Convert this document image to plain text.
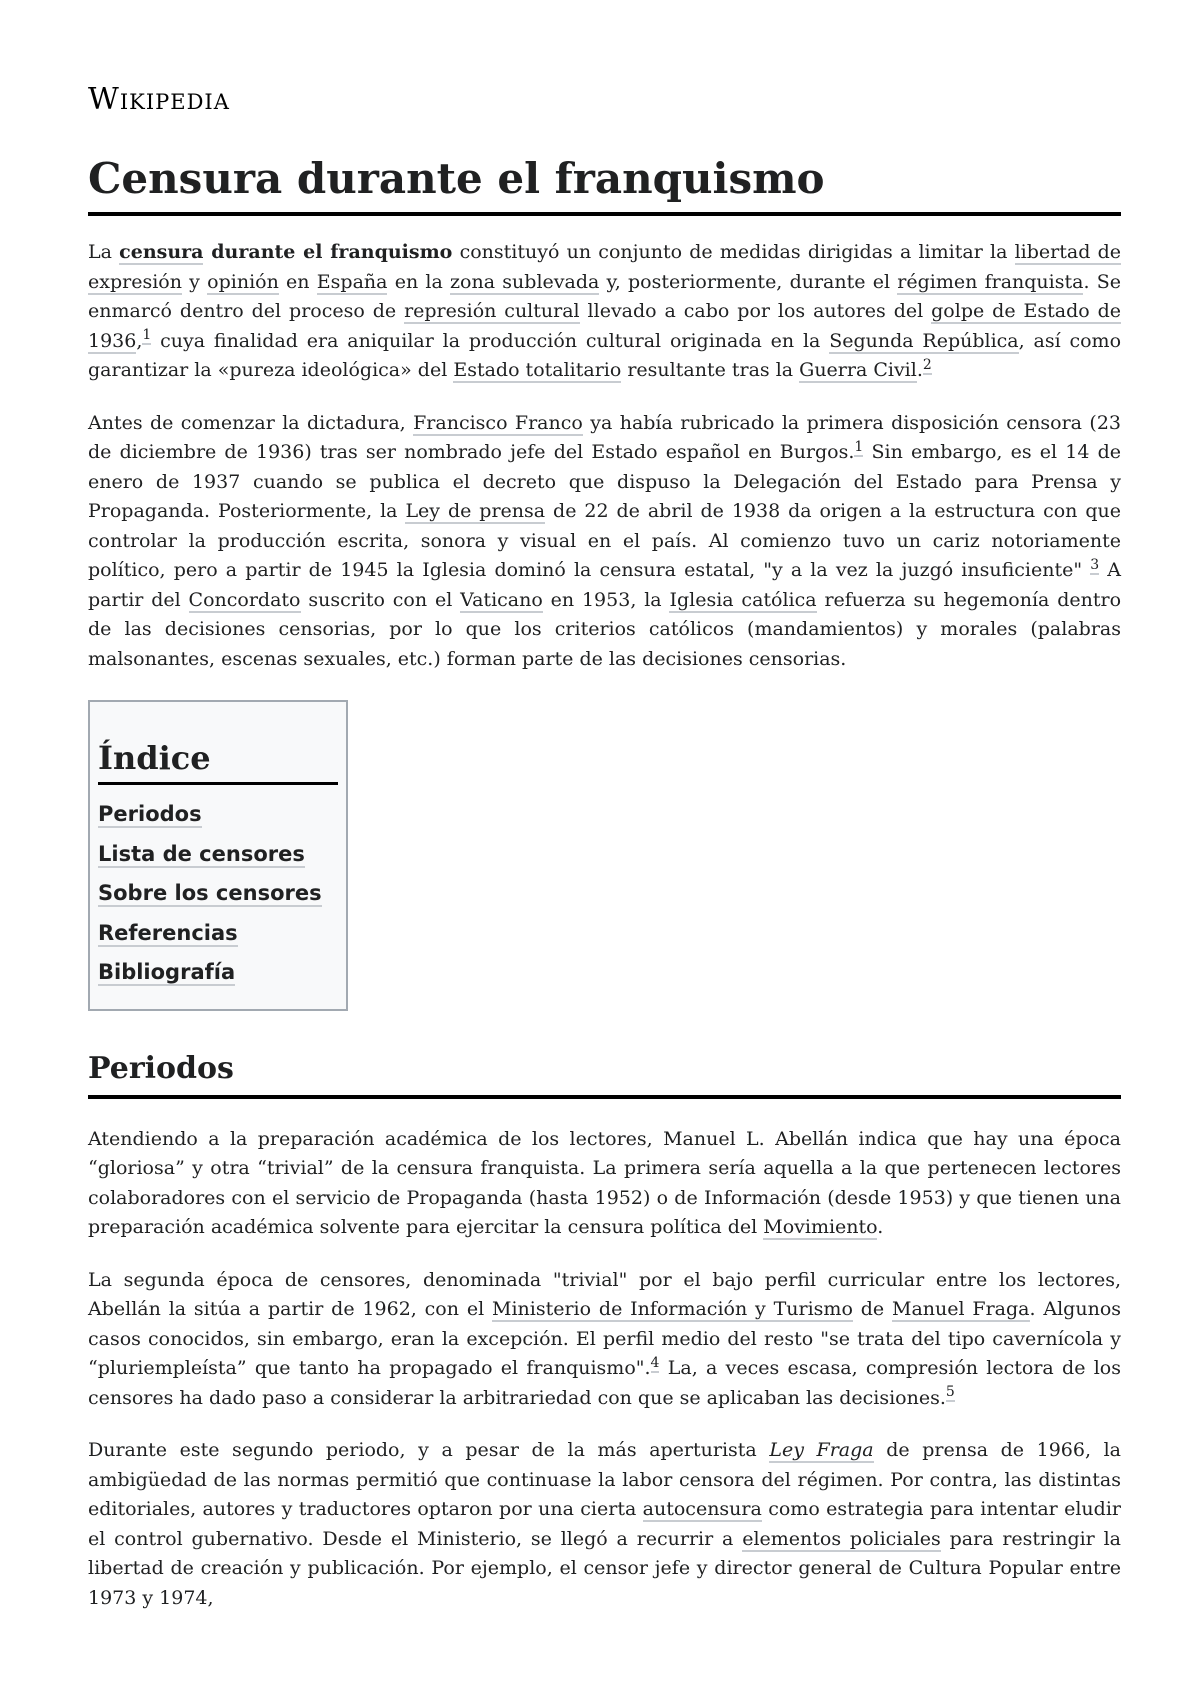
Wikipedia
Censura durante el franquismo

La censura durante el franquismo constituyó un conjunto de medidas dirigidas a limitar la libertad de expresión y opinión en España en la zona sublevada y, posteriormente, durante el régimen franquista. Se enmarcó dentro del proceso de represión cultural llevado a cabo por los autores del golpe de Estado de 1936,$^1$ cuya finalidad era aniquilar la producción cultural originada en la Segunda República, así como garantizar la «pureza ideológica» del Estado totalitario resultante tras la Guerra Civil.$^2$

Antes de comenzar la dictadura, Francisco Franco ya había rubricado la primera disposición censora (23 de diciembre de 1936) tras ser nombrado jefe del Estado español en Burgos.$^1$ Sin embargo, es el 14 de enero de 1937 cuando se publica el decreto que dispuso la Delegación del Estado para Prensa y Propaganda. Posteriormente, la Ley de prensa de 22 de abril de 1938 da origen a la estructura con que controlar la producción escrita, sonora y visual en el país. Al comienzo tuvo un cariz notoriamente político, pero a partir de 1945 la Iglesia dominó la censura estatal, "y a la vez la juzgó insuficiente" $^3$ A partir del Concordato suscrito con el Vaticano en 1953, la Iglesia católica refuerza su hegemonía dentro de las decisiones censorias, por lo que los criterios católicos (mandamientos) y morales (palabras malsonantes, escenas sexuales, etc.) forman parte de las decisiones censorias.

Índice
Periodos
Lista de censores
Sobre los censores
Referencias
Bibliografía
Periodos

Atendiendo a la preparación académica de los lectores, Manuel L. Abellán indica que hay una época “gloriosa” y otra “trivial” de la censura franquista. La primera sería aquella a la que pertenecen lectores colaboradores con el servicio de Propaganda (hasta 1952) o de Información (desde 1953) y que tienen una preparación académica solvente para ejercitar la censura política del Movimiento.

La segunda época de censores, denominada "trivial" por el bajo perfil curricular entre los lectores, Abellán la sitúa a partir de 1962, con el Ministerio de Información y Turismo de Manuel Fraga. Algunos casos conocidos, sin embargo, eran la excepción. El perfil medio del resto "se trata del tipo cavernícola y “pluriempleísta” que tanto ha propagado el franquismo".$^4$ La, a veces escasa, compresión lectora de los censores ha dado paso a considerar la arbitrariedad con que se aplicaban las decisiones.$^5$

Durante este segundo periodo, y a pesar de la más aperturista Ley Fraga de prensa de 1966, la ambigüedad de las normas permitió que continuase la labor censora del régimen. Por contra, las distintas editoriales, autores y traductores optaron por una cierta autocensura como estrategia para intentar eludir el control gubernativo. Desde el Ministerio, se llegó a recurrir a elementos policiales para restringir la libertad de creación y publicación. Por ejemplo, el censor jefe y director general de Cultura Popular entre 1973 y 1974,
